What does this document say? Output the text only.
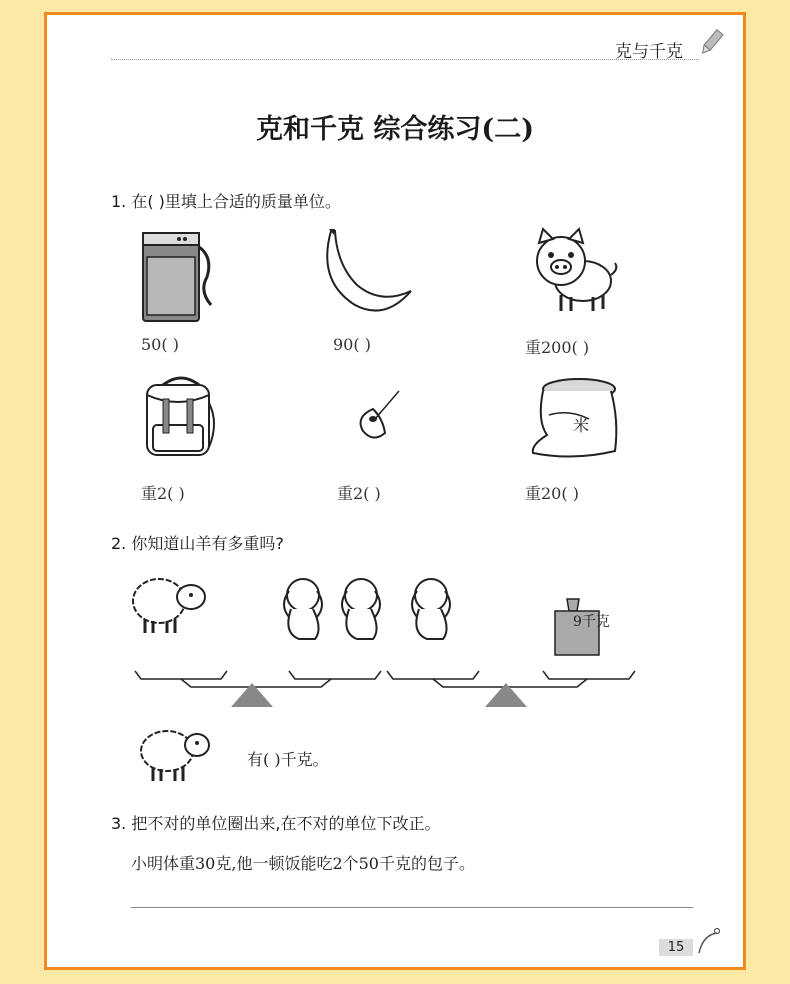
克与千克
克和千克 综合练习(二)
1. 在( )里填上合适的质量单位。
50( )	90( )	重200( )
重2( )	重2( )
米
重20( )
2. 你知道山羊有多重吗?
9千克
有( )千克。
3. 把不对的单位圈出来,在不对的单位下改正。
小明体重30克,他一顿饭能吃2个50千克的包子。
15
